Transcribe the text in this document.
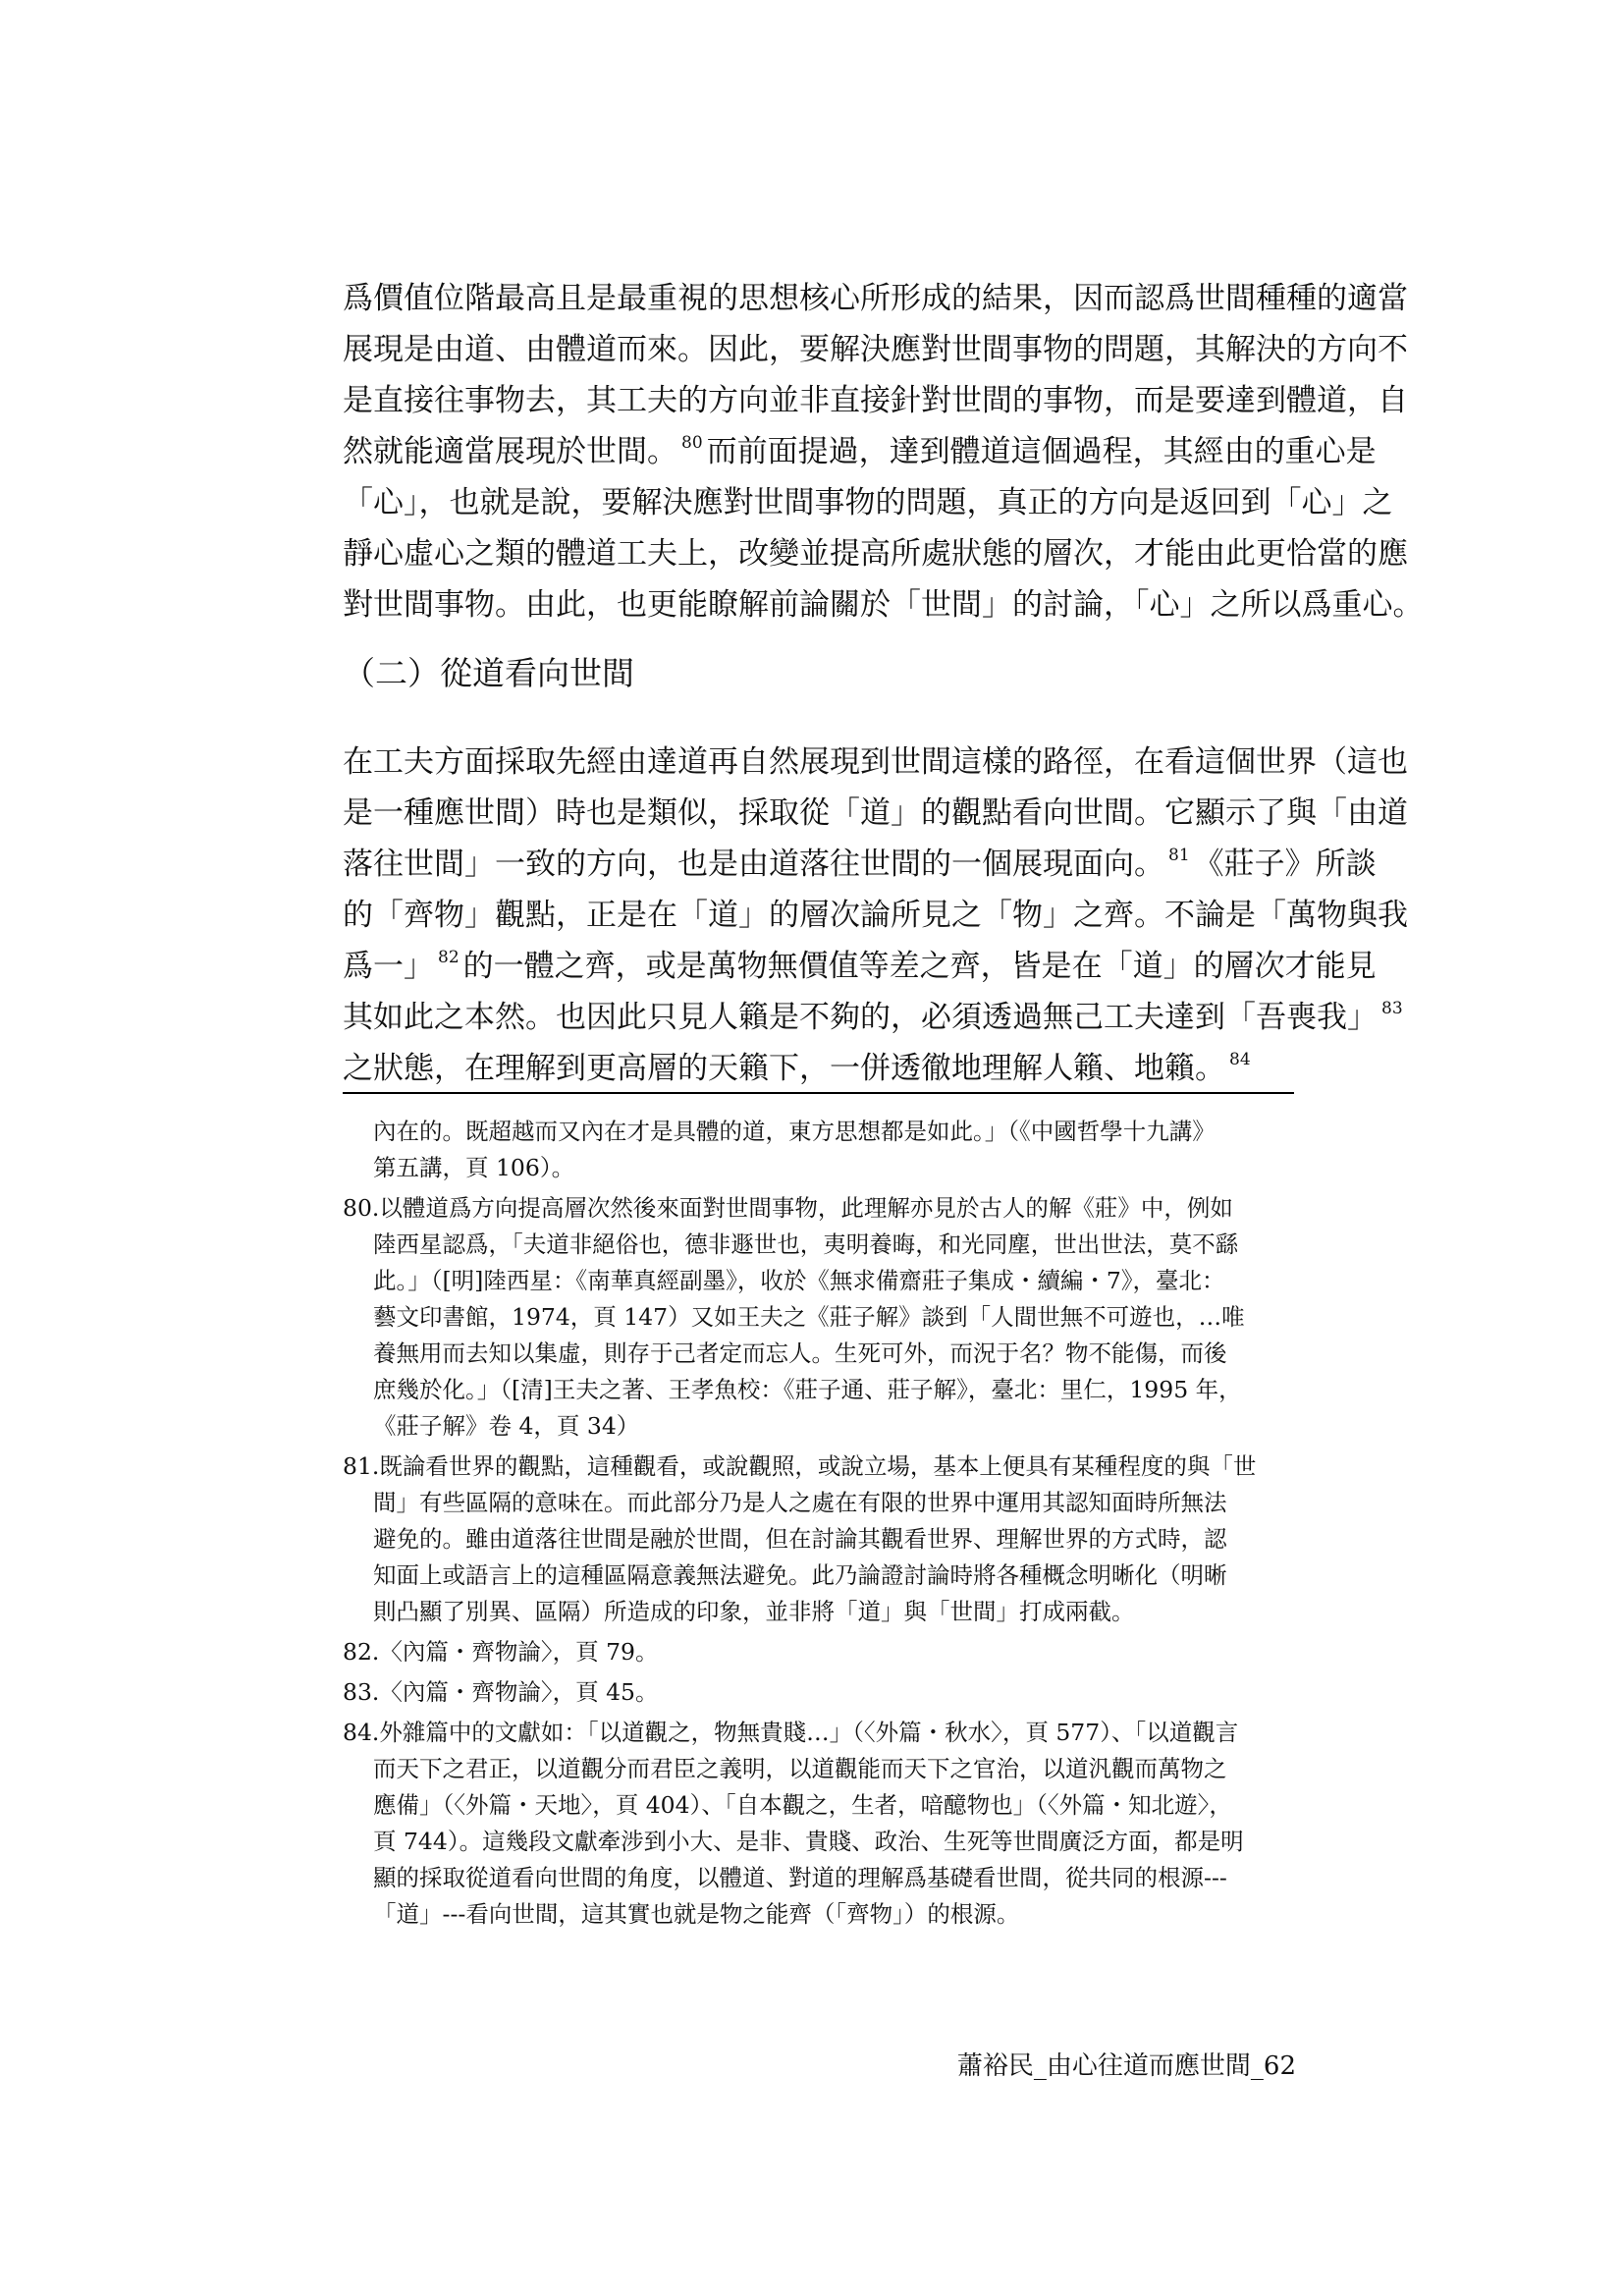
爲價值位階最高且是最重視的思想核心所形成的結果，因而認爲世間種種的適當
展現是由道、由體道而來。因此，要解決應對世間事物的問題，其解決的方向不
是直接往事物去，其工夫的方向並非直接針對世間的事物，而是要達到體道，自
然就能適當展現於世間。 $^{80}$ 而前面提過，達到體道這個過程，其經由的重心是
「心」，也就是說，要解決應對世間事物的問題，真正的方向是返回到「心」之
靜心虛心之類的體道工夫上，改變並提高所處狀態的層次，才能由此更恰當的應
對世間事物。由此，也更能瞭解前論關於「世間」的討論，「心」之所以爲重心。
（二）從道看向世間
在工夫方面採取先經由達道再自然展現到世間這樣的路徑，在看這個世界（這也
是一種應世間）時也是類似，採取從「道」的觀點看向世間。它顯示了與「由道
落往世間」一致的方向，也是由道落往世間的一個展現面向。 $^{81}$ 《莊子》所談
的「齊物」觀點，正是在「道」的層次論所見之「物」之齊。不論是「萬物與我
爲一」 $^{82}$ 的一體之齊，或是萬物無價值等差之齊，皆是在「道」的層次才能見
其如此之本然。也因此只見人籟是不夠的，必須透過無己工夫達到「吾喪我」 $^{83}$
之狀態，在理解到更高層的天籟下，一併透徹地理解人籟、地籟。 $^{84}$
內在的。既超越而又內在才是具體的道，東方思想都是如此。」（《中國哲學十九講》
第五講，頁 106）。
80.以體道爲方向提高層次然後來面對世間事物，此理解亦見於古人的解《莊》中，例如
陸西星認爲，「夫道非絕俗也，德非遯世也，夷明養晦，和光同塵，世出世法，莫不繇
此。」（[明]陸西星：《南華真經副墨》，收於《無求備齋莊子集成・續編・7》，臺北：
藝文印書館，1974，頁 147）又如王夫之《莊子解》談到「人間世無不可遊也，…唯
養無用而去知以集虛，則存于己者定而忘人。生死可外，而況于名？物不能傷，而後
庶幾於化。」（[清]王夫之著、王孝魚校：《莊子通、莊子解》，臺北：里仁，1995 年，
《莊子解》卷 4，頁 34）
81.既論看世界的觀點，這種觀看，或說觀照，或說立場，基本上便具有某種程度的與「世
間」有些區隔的意味在。而此部分乃是人之處在有限的世界中運用其認知面時所無法
避免的。雖由道落往世間是融於世間，但在討論其觀看世界、理解世界的方式時，認
知面上或語言上的這種區隔意義無法避免。此乃論證討論時將各種概念明晰化（明晰
則凸顯了別異、區隔）所造成的印象，並非將「道」與「世間」打成兩截。
82.〈內篇・齊物論〉，頁 79。
83.〈內篇・齊物論〉，頁 45。
84.外雜篇中的文獻如：「以道觀之，物無貴賤…」（〈外篇・秋水〉，頁 577）、「以道觀言
而天下之君正，以道觀分而君臣之義明，以道觀能而天下之官治，以道汎觀而萬物之
應備」（〈外篇・天地〉，頁 404）、「自本觀之，生者，喑醷物也」（〈外篇・知北遊〉，
頁 744）。這幾段文獻牽涉到小大、是非、貴賤、政治、生死等世間廣泛方面，都是明
顯的採取從道看向世間的角度，以體道、對道的理解爲基礎看世間，從共同的根源---
「道」---看向世間，這其實也就是物之能齊（「齊物」）的根源。
蕭裕民_由心往道而應世間_62
